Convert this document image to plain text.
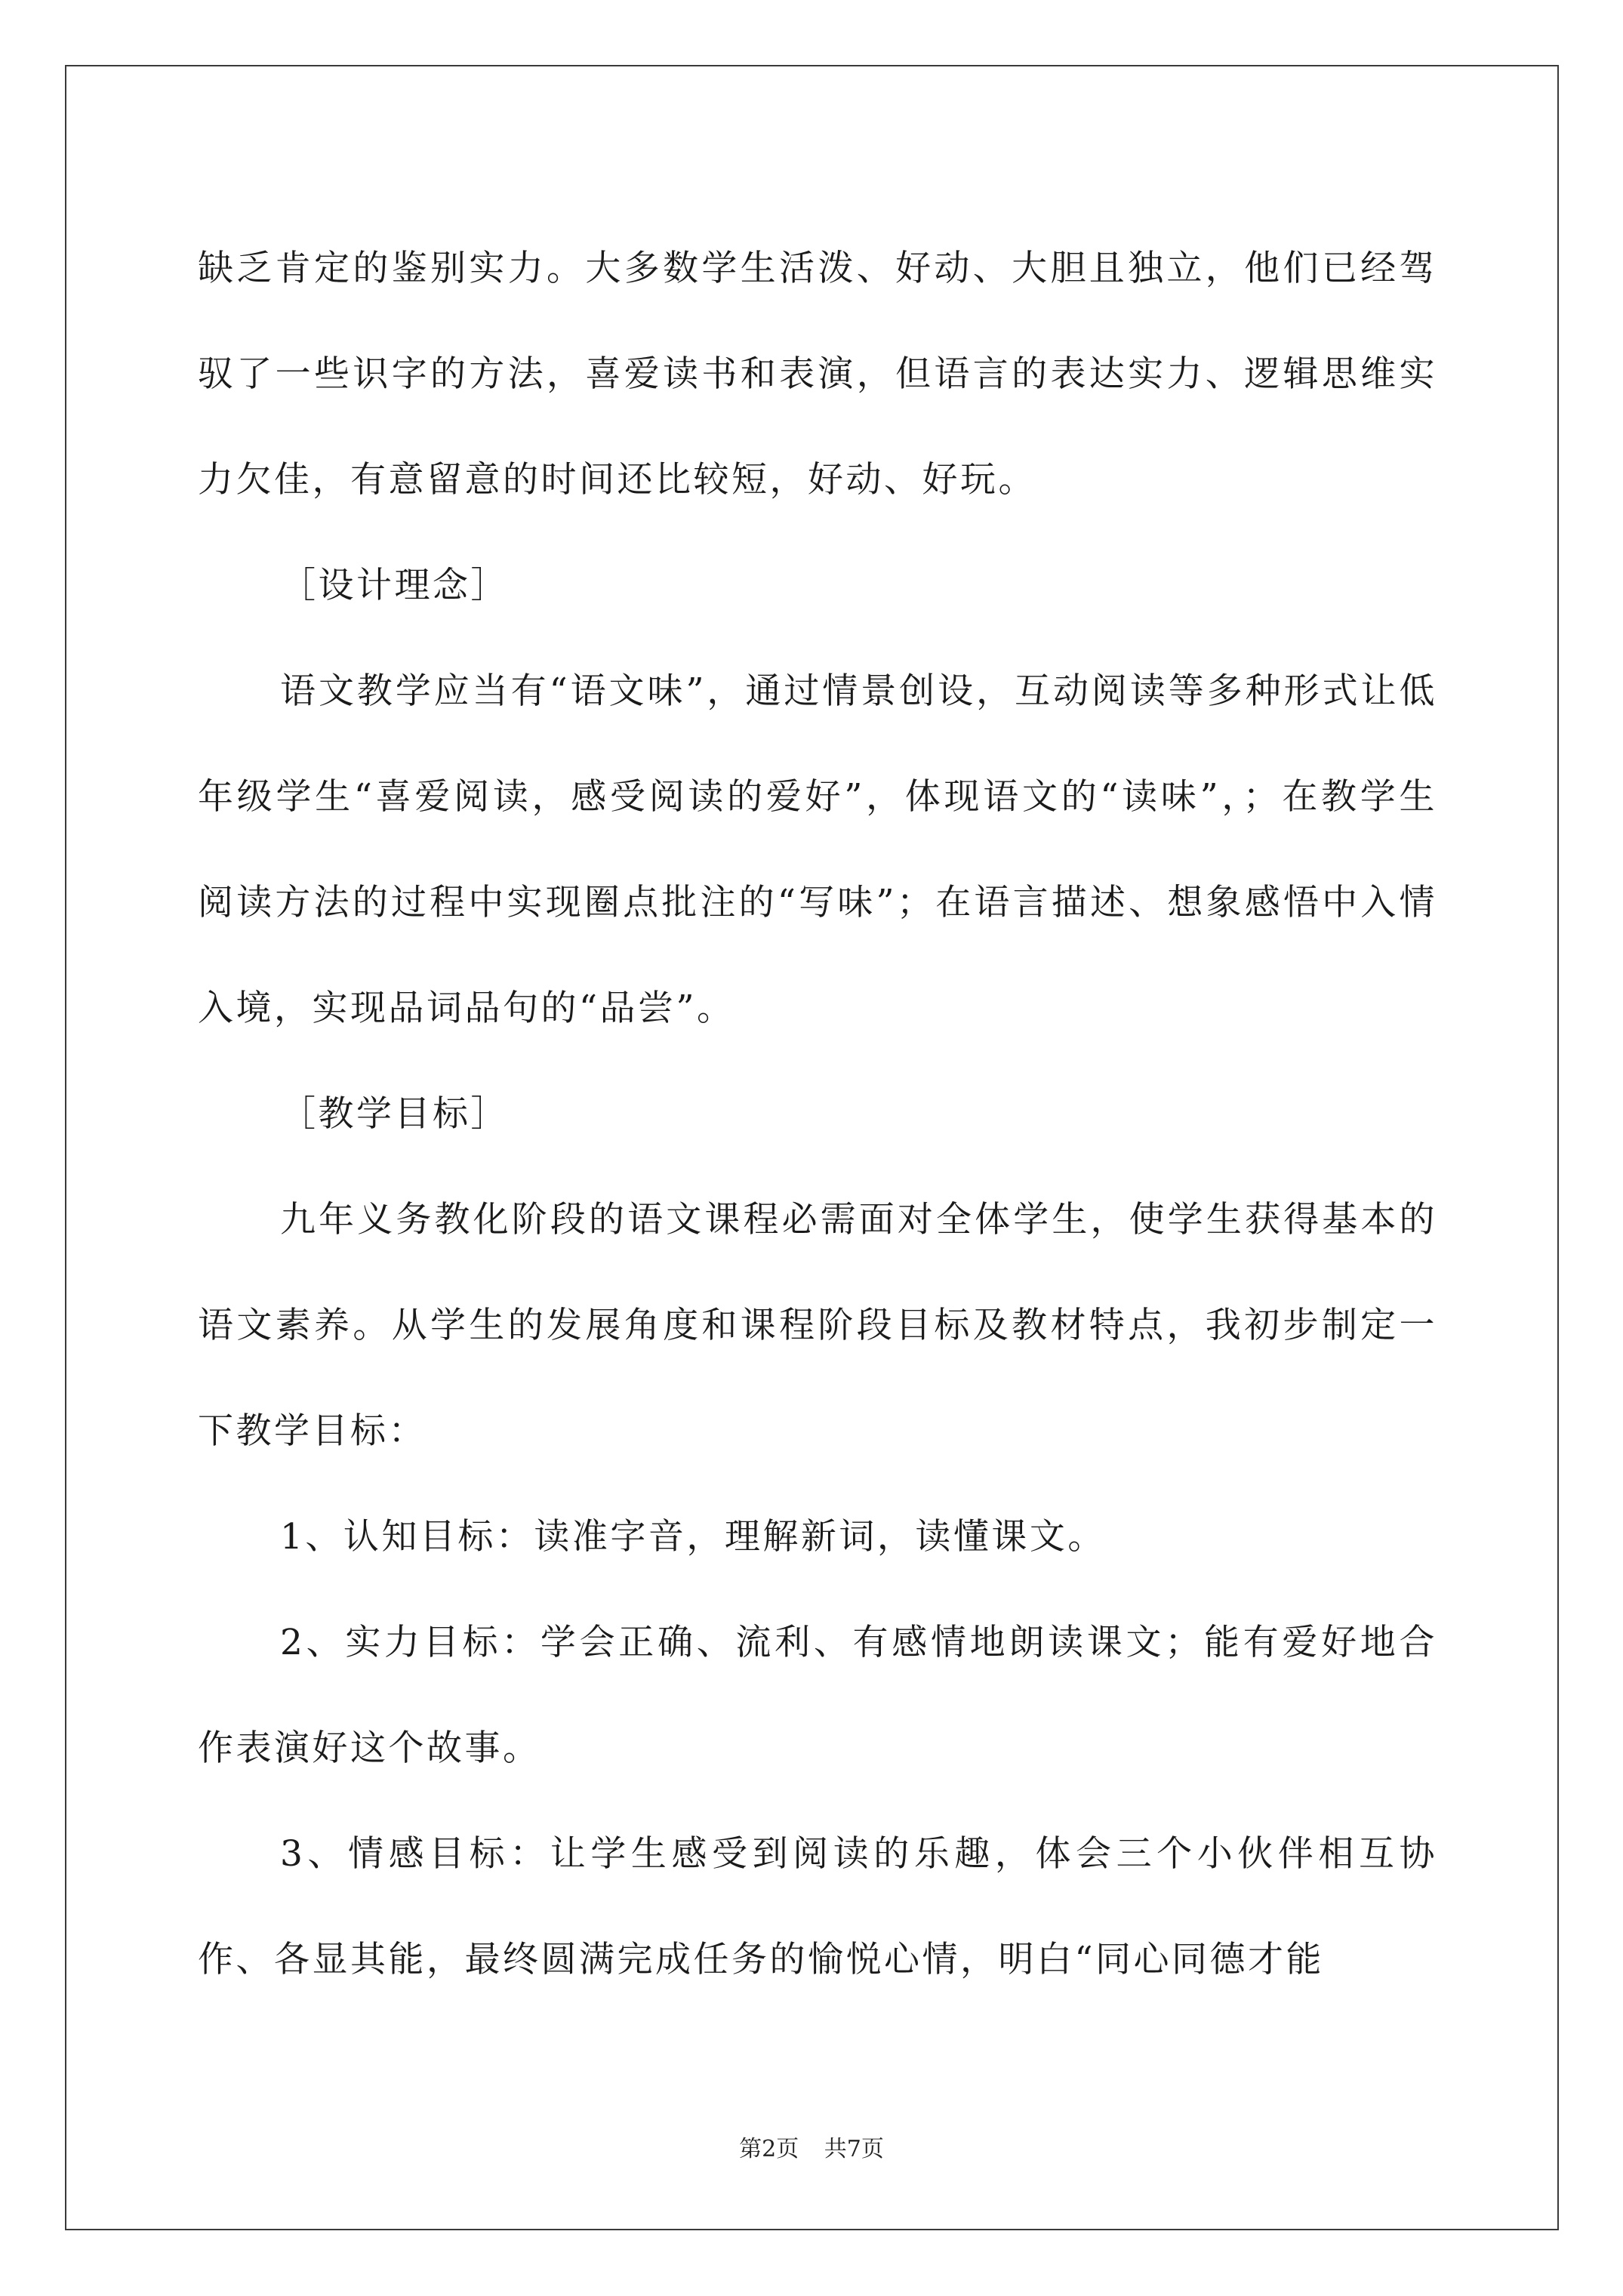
缺乏肯定的鉴别实力。大多数学生活泼、好动、大胆且独立，他们已经驾驭了一些识字的方法，喜爱读书和表演，但语言的表达实力、逻辑思维实力欠佳，有意留意的时间还比较短，好动、好玩。

［设计理念］

语文教学应当有“语文味”，通过情景创设，互动阅读等多种形式让低年级学生“喜爱阅读，感受阅读的爱好”，体现语文的“读味”，；在教学生阅读方法的过程中实现圈点批注的“写味”；在语言描述、想象感悟中入情入境，实现品词品句的“品尝”。

［教学目标］

九年义务教化阶段的语文课程必需面对全体学生，使学生获得基本的语文素养。从学生的发展角度和课程阶段目标及教材特点，我初步制定一下教学目标：

1、认知目标：读准字音，理解新词，读懂课文。

2、实力目标：学会正确、流利、有感情地朗读课文；能有爱好地合作表演好这个故事。

3、情感目标：让学生感受到阅读的乐趣，体会三个小伙伴相互协作、各显其能，最终圆满完成任务的愉悦心情，明白“同心同德才能

第2页 共7页
